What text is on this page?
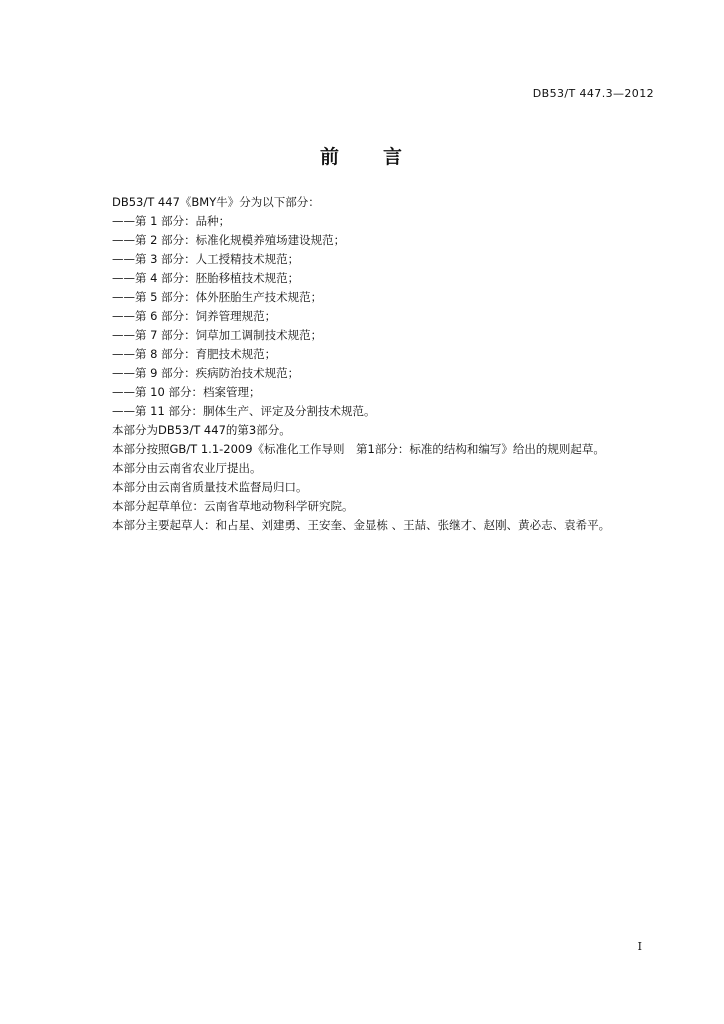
DB53/T 447.3—2012
前 言
DB53/T 447《BMY牛》分为以下部分：
——第 1 部分：品种；
——第 2 部分：标准化规模养殖场建设规范；
——第 3 部分：人工授精技术规范；
——第 4 部分：胚胎移植技术规范；
——第 5 部分：体外胚胎生产技术规范；
——第 6 部分：饲养管理规范；
——第 7 部分：饲草加工调制技术规范；
——第 8 部分：育肥技术规范；
——第 9 部分：疾病防治技术规范；
——第 10 部分：档案管理；
——第 11 部分：胴体生产、评定及分割技术规范。
本部分为DB53/T 447的第3部分。
本部分按照GB/T 1.1-2009《标准化工作导则　第1部分：标准的结构和编写》给出的规则起草。
本部分由云南省农业厅提出。
本部分由云南省质量技术监督局归口。
本部分起草单位：云南省草地动物科学研究院。
本部分主要起草人：和占星、刘建勇、王安奎、金显栋 、王喆、张继才、赵刚、黄必志、袁希平。
I
